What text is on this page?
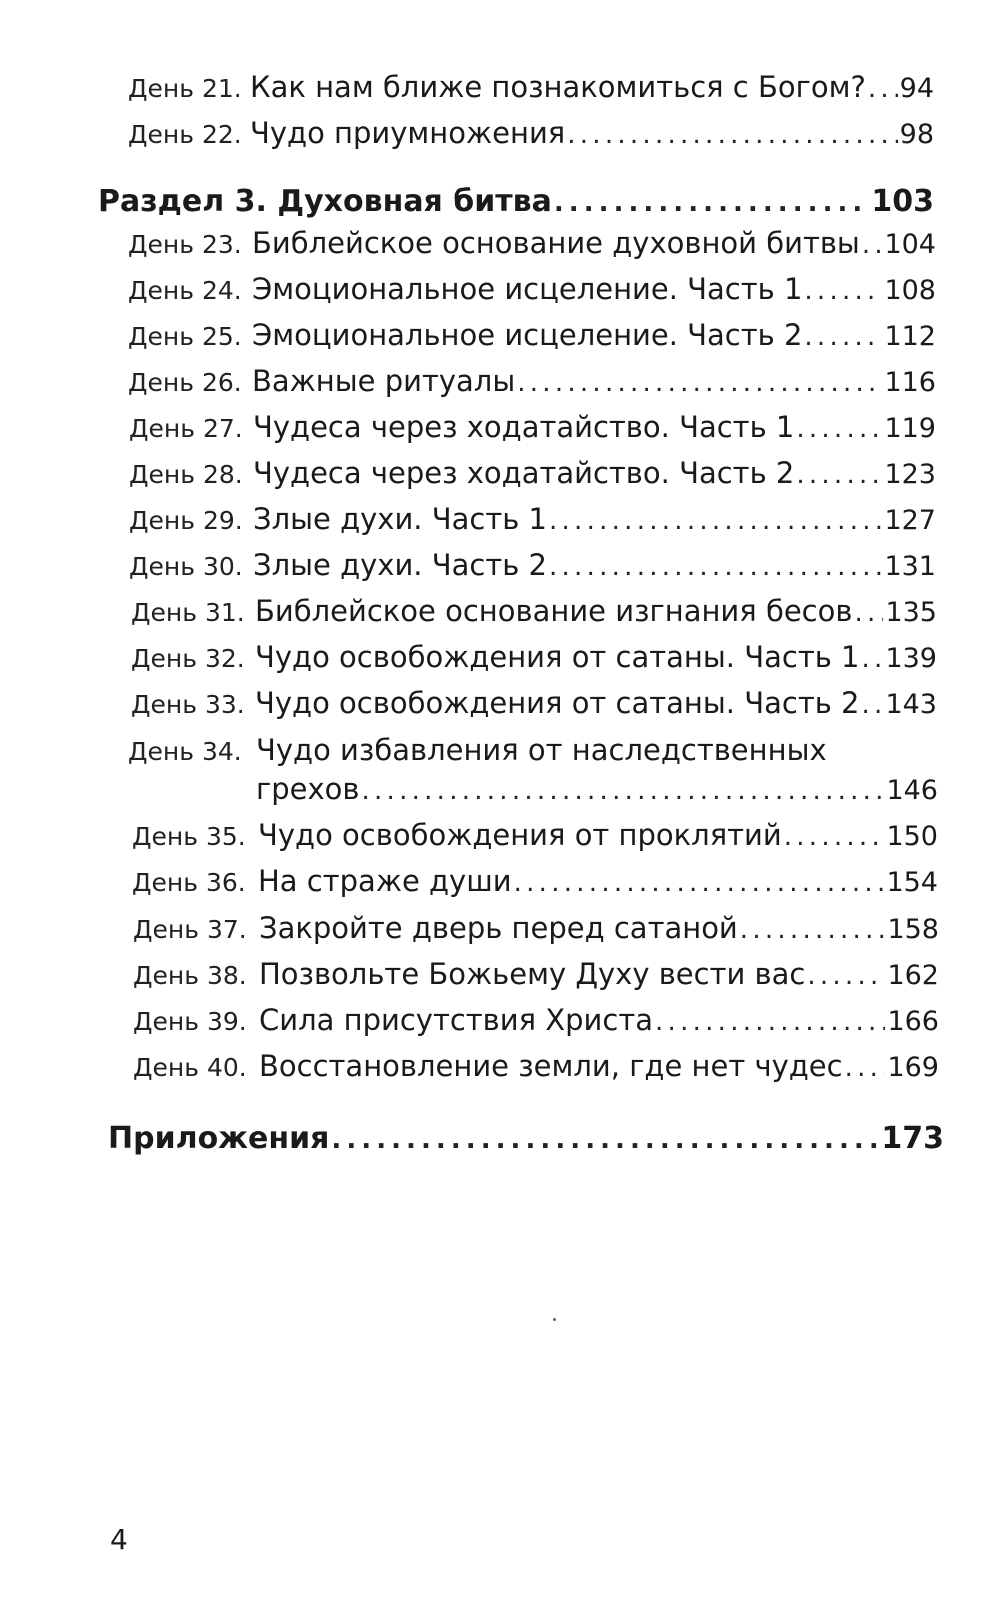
День 21. Как нам ближе познакомиться с Богом? . . . 94
День 22. Чудо приумножения . . .	98
Раздел 3. Духовная битва . . .	103
День 23. Библейское основание духовной битвы . . . 104
День 24. Эмоциональное исцеление. Часть 1 . . .	108
День 25. Эмоциональное исцеление. Часть 2 . . .	112
День 26. Важные ритуалы . . .	116
День 27. Чудеса через ходатайство. Часть 1 . . .	119
День 28. Чудеса через ходатайство. Часть 2 . . .	123
День 29. Злые духи. Часть 1 . . .	127
День 30. Злые духи. Часть 2 . . .	131
День 31. Библейское основание изгнания бесов . . . 135
День 32. Чудо освобождения от сатаны. Часть 1 . . . 139
День 33. Чудо освобождения от сатаны. Часть 2 . . . 143
День 34. Чудо избавления от наследственных
грехов . . .	146
День 35. Чудо освобождения от проклятий . . .	150
День 36. На страже души . . .	154
День 37. Закройте дверь перед сатаной . . .	158
День 38. Позвольте Божьему Духу вести вас . . .	162
День 39. Сила присутствия Христа . . .	166
День 40. Восстановление земли, где нет чудес . . . 169
Приложения . . .	173
4
